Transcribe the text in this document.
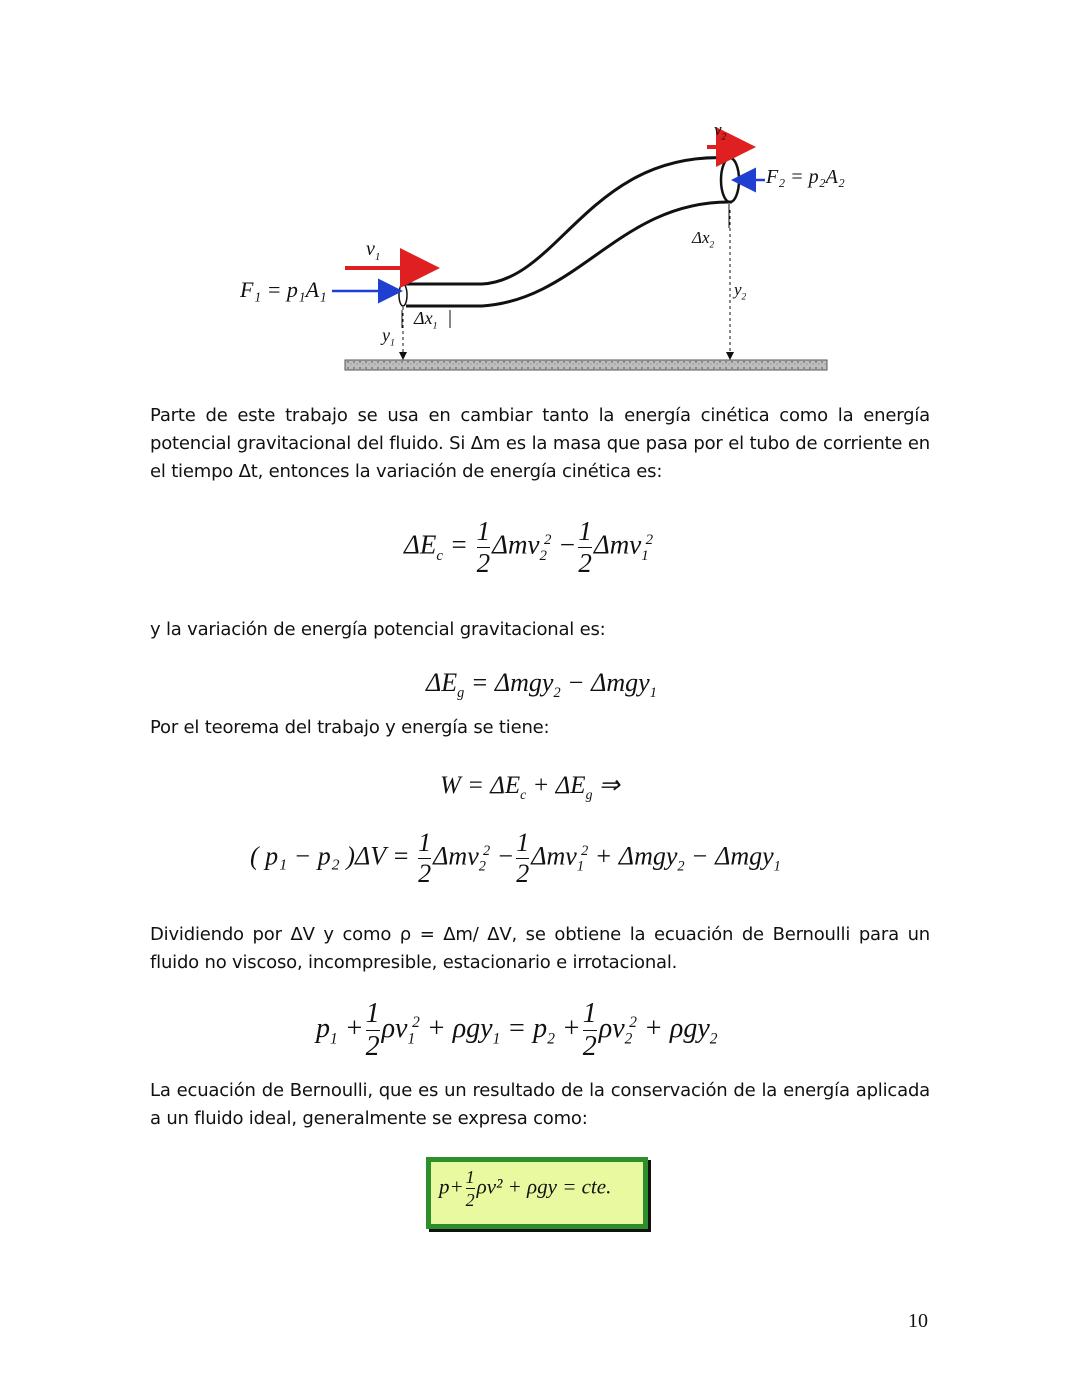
$v_1$
$v_2$
F₁ = p₁A₁
F₂ = p₂A₂
$\Delta x_1$
$\Delta x_2$
$y_1$
$y_2$
Parte de este trabajo se usa en cambiar tanto la energía cinética como la energía potencial gravitacional del fluido. Si Δm es la masa que pasa por el tubo de corriente en el tiempo Δt, entonces la variación de energía cinética es:
$\Delta E_c = \frac{1}{2} \Delta mv_2^2 - \frac{1}{2} \Delta mv_1^2$
y la variación de energía potencial gravitacional es:
$\Delta E_g = \Delta mgy_2 - \Delta mgy_1$
Por el teorema del trabajo y energía se tiene:
$W = \Delta E_c + \Delta E_g$ ⇒
( p₁ − p₂ )$\Delta V = \frac{1}{2} \Delta mv_2^2 - \frac{1}{2} \Delta mv_1^2 + \Delta mgy_2 - \Delta mgy_1$
Dividiendo por ΔV y como ρ = Δm/ ΔV, se obtiene la ecuación de Bernoulli para un fluido no viscoso, incompresible, estacionario e irrotacional.
$p_1 + \frac{1}{2} \rho v_1^2 + \rho gy_1 = p_2 + \frac{1}{2} \rho v_2^2 + \rho gy_2$
La ecuación de Bernoulli, que es un resultado de la conservación de la energía aplicada a un fluido ideal, generalmente se expresa como:
$p+ \frac{1}{2} \rho v^2 + \rho gy$ = cte.
10
